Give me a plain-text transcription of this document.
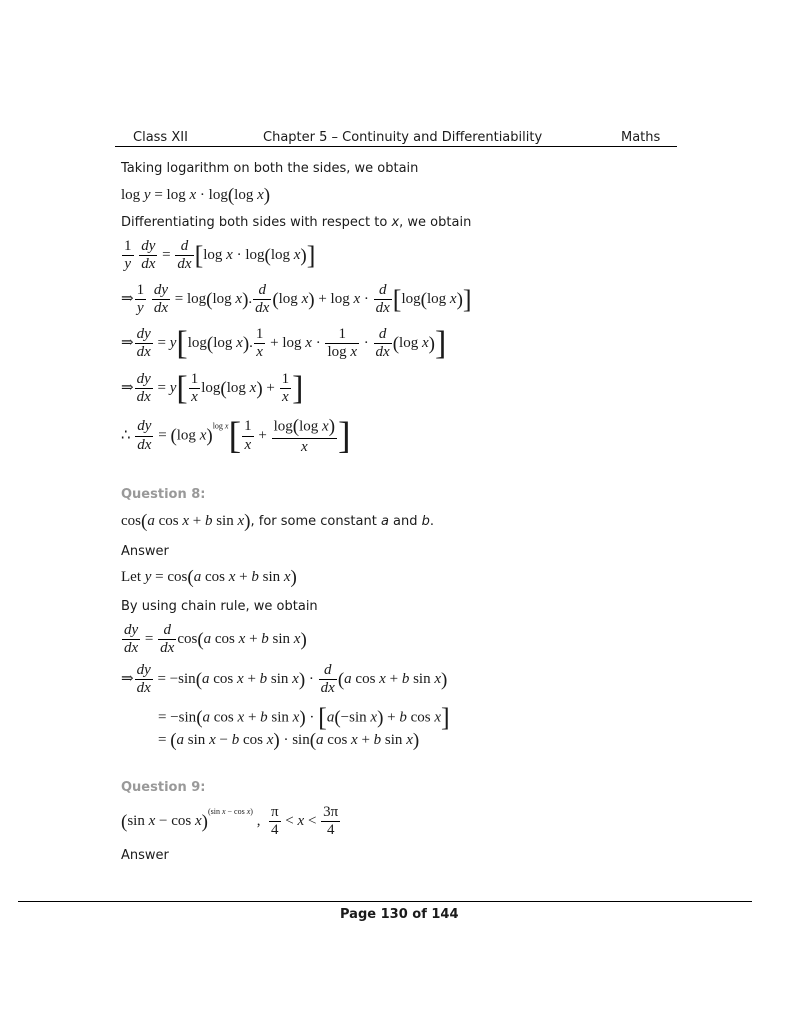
Class XII	Chapter 5 – Continuity and Differentiability	Maths
Taking logarithm on both the sides, we obtain
log y = log x · log(log x)
Differentiating both sides with respect to x, we obtain
$\frac{1}{y}$
$\frac{dy}{dx} = \frac{d}{dx} [\log$ x · log(log x)]
⇒ $\frac{1}{y}$
$\frac{dy}{dx} = \log(\log$ x). $\frac{d}{dx} (\log$ $x) + \log x \cdot \frac{d}{dx} [\log(\log$ x)]
⇒ $\frac{dy}{dx} = y[\log(\log$ x). $\frac{1}{x} + \log x \cdot \frac{1}{\text{log x}} \cdot \frac{d}{dx} (\log$ x)]
⇒ $\frac{dy}{dx} = y[ \frac{1}{x} \log(\log$ $x) + \frac{1}{x}$ ]
∴ $\frac{dy}{dx} = (\log$ $x)^{log x}[ \frac{1}{x} + \frac{\text{log(log x)}}{x}$ ]
Question 8:
cos(a cos x + b sin x), for some constant a and b.
Answer
Let y = cos(a cos x + b sin x)
By using chain rule, we obtain
$\frac{dy}{dx} = \frac{d}{dx} \cos(a$ cos x + b sin x)
⇒ $\frac{dy}{dx} = -\sin(a$ cos x + b $\sin x) \cdot \frac{d}{dx} (a$ cos x + b sin x)
= −sin(a cos x + b sin x) · [a(−sin x) + b cos x]
= (a sin x − b cos x) · sin(a cos x + b sin x)
Question 9:
(sin x − cos x)$^{(sin x - cos x)}$ , $\frac{\pi}{4} < x < \frac{3\pi}{4}$
Answer
Page 130 of 144
